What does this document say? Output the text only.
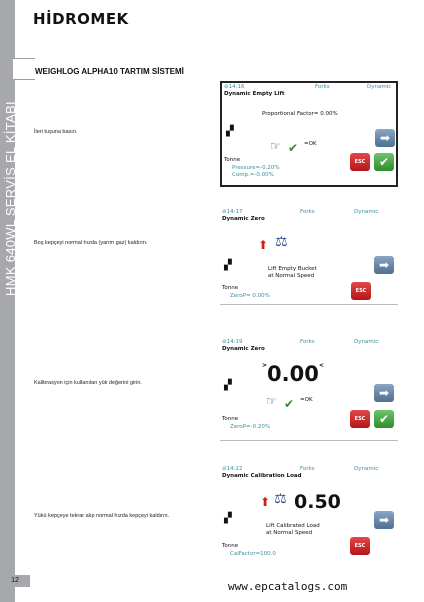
HMK 640WL SERVİS EL KİTABI
HİDROMEK
WEIGHLOG ALPHA10 TARTIM SİSTEMİ
İleri tuşuna basın.
Boş kepçeyi normal hızda (yarım gaz) kaldırın.
Kalibrasyon için kullanılan yük değerini girin.
Yükü kepçeye tekrar alıp normal hızda kepçeyi kaldırın.
⊘14:16	Forks	Dynamic
Dynamic Empty Lift
Proportional Factor= 0.00%
▞
☞ ✔ =OK	➡
ESC	✔
Tonne
Pressure=-0.20%
Comp.=-0.00%
⊘14:17	Forks	Dynamic
Dynamic Zero
⬆ ⚖
▞	Lift Empty Bucket
at Normal Speed
➡
ESC
Tonne
ZeroP= 0.00%
⊘14:19	Forks	Dynamic
Dynamic Zero
>0.00<
▞
☞ ✔ =OK	➡
ESC	✔
Tonne
ZeroP=-0.20%
⊘14:22	Forks	Dynamic
Dynamic Calibration Load
⬆ ⚖ 0.50
▞
Lift Calibrated Load
at Normal Speed
➡
ESC
Tonne
CalFactor=100.0
12	www.epcatalogs.com
